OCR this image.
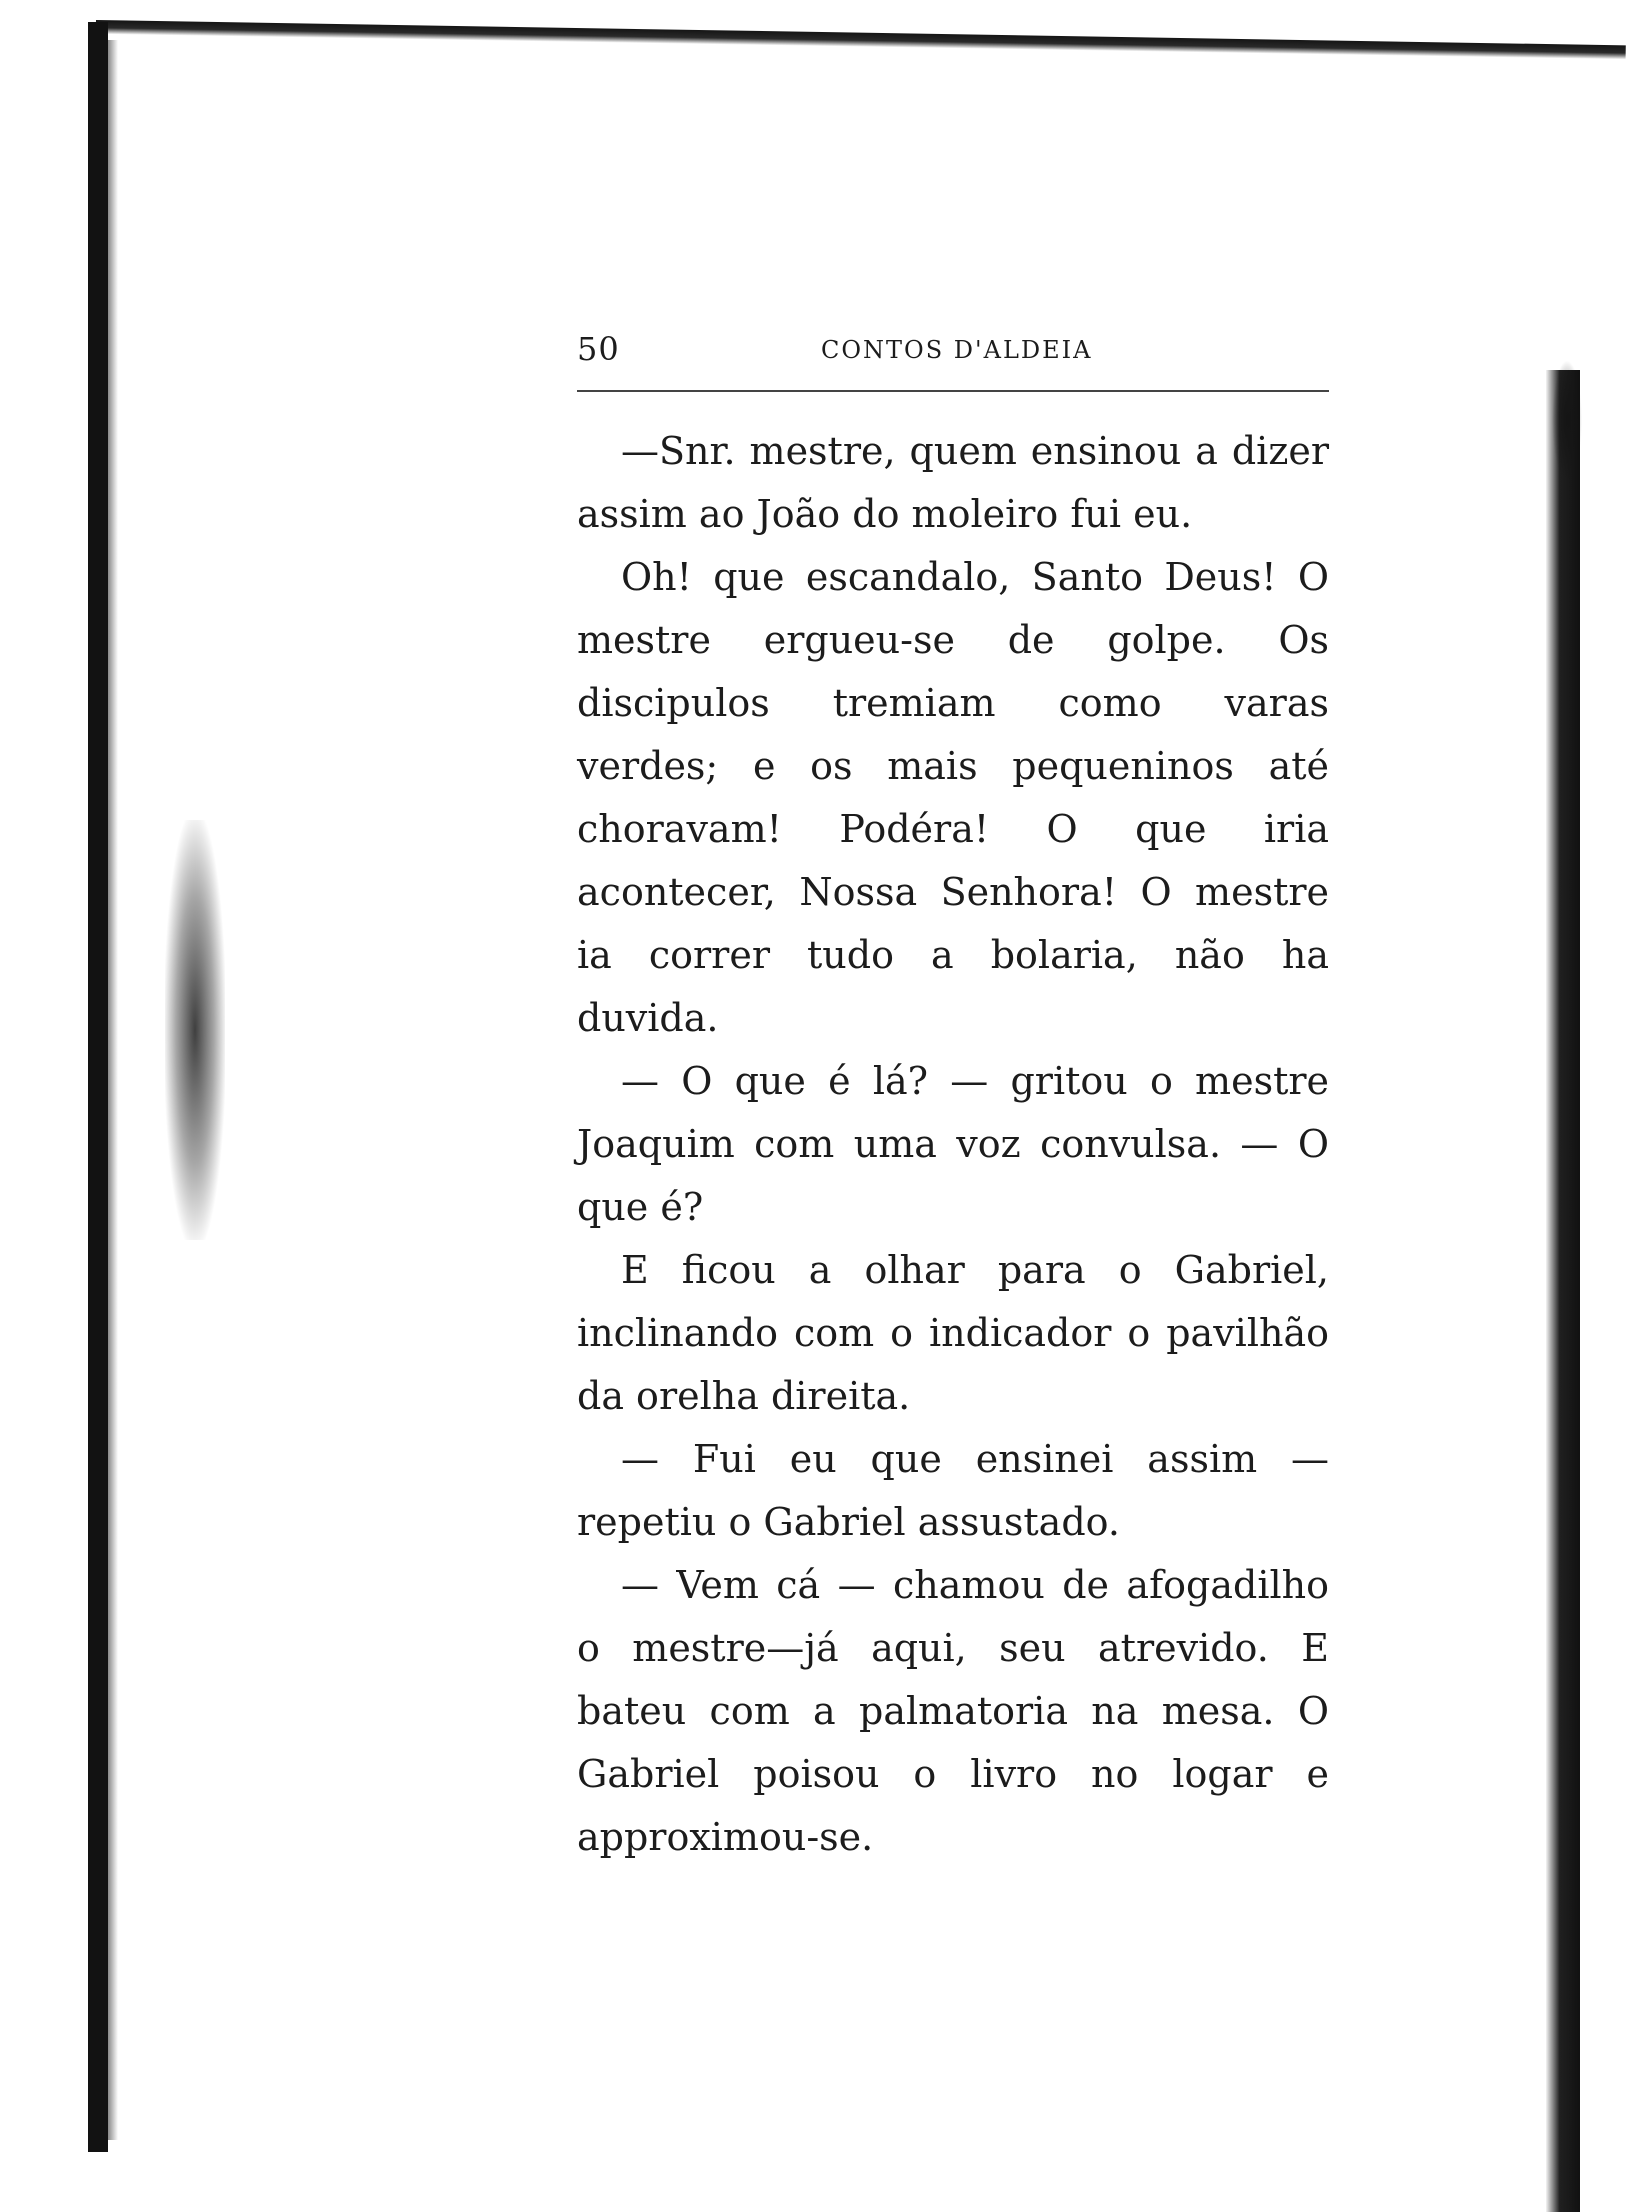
50	CONTOS D'ALDEIA

—Snr. mestre, quem ensinou a dizer assim ao João do moleiro fui eu.

Oh! que escandalo, Santo Deus! O mestre ergueu-se de golpe. Os discipulos tremiam como varas verdes; e os mais pequeninos até choravam! Podéra! O que iria acontecer, Nossa Senhora! O mestre ia correr tudo a bolaria, não ha duvida.

— O que é lá? — gritou o mestre Joaquim com uma voz convulsa. — O que é?

E ficou a olhar para o Gabriel, inclinando com o indicador o pavilhão da orelha direita.

— Fui eu que ensinei assim — repetiu o Gabriel assustado.

— Vem cá — chamou de afogadilho o mestre—já aqui, seu atrevido. E bateu com a palmatoria na mesa. O Gabriel poisou o livro no logar e approximou-se.
